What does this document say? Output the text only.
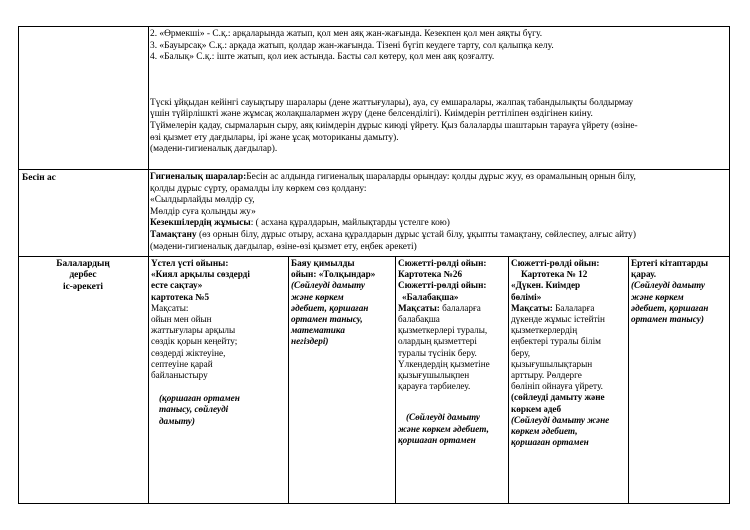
2. «Өрмекші» - С.қ.: арқаларында жатып, қол мен аяқ жан-жағында. Кезекпен қол мен аяқты бүгу.

3. «Бауырсақ» С.қ.: арқада жатып, қолдар жан-жағында. Тізені бүгіп кеудеге тарту, сол қалыпқа келу.

4. «Балық» С.қ.: іште жатып, қол иек астында. Басты сәл көтеру, қол мен аяқ қозғалту.

Түскі ұйқыдан кейінгі сауықтыру шаралары (дене жаттығулары), ауа, су емшаралары, жалпақ табандылықты болдырмау

үшін түйірлішкті және жұмсақ жолақшалармен жүру (дене белсенділігі). Киімдерін реттіліпен өздігінен киіну.

Түймелерін қадау, сырмаларын сыру, аяқ киімдерін дұрыс киюді үйрету. Қыз балаларды шаштарын тарауға үйрету (өзіне-

өзі қызмет ету дағдылары, ірі және ұсақ моториканы дамыту).

(мәдени-гигиеналық дағдылар).

Бесін ас	Гигиеналық шаралар:Бесін ас алдында гигиеналық шараларды орындау: қолды дұрыс жуу, өз орамалының орнын білу,

қолды дұрыс сүрту, орамалды ілу көркем сөз қолдану:

«Сылдырлайды мөлдір су,

Мөлдір суға қолыңды жу»

Кезекшілердің жұмысы: ( асхана құралдарын, майлықтарды үстелге кою)

Тамақтану (өз орнын білу, дұрыс отыру, асхана құралдарын дұрыс ұстай білу, ұқыпты тамақтану, сөйлеспеу, алғыс айту)

(мәдени-гигиеналық дағдылар, өзіне-өзі қызмет ету, еңбек әрекеті)

Балалардың
дербес
іс-әрекеті

Үстел үсті ойыны:

«Киял арқылы сөздерді

есте сақтау»

картотека №5

Мақсаты:

ойын мен ойын

жаттығулары арқылы

сөздік қорын кеңейту;

сөздерді жіктеуіне,

септеуіне қарай

байланыстыру

(қоршаған ортамен

танысу, сөйлеуді

дамыту)

Баяу қимылды

ойын: «Толқындар»

(Сөйлеуді дамыту

және көркем

әдебиет, қоршаған

ортамен танысу,

математика

негіздері)

Сюжетті-рөлді ойын:

Картотека №26

Сюжетті-рөлді ойын:

«Балабақша»

Мақсаты: балаларға

балабақша

қызметкерлері туралы,

олардың қызметтері

туралы түсінік беру.

Үлкендердің қызметіне

қызығушылықпен

қарауға тәрбиелеу.

(Сөйлеуді дамыту

және көркем әдебиет,

қоршаған ортамен

Сюжетті-рөлді ойын:

Картотека № 12

«Дүкен. Киімдер

бөлімі»

Мақсаты: Балаларға

дүкенде жұмыс істейтін

қызметкерлердің

еңбектері туралы білім

беру,

қызығушылықтарын

арттыру. Рөлдерге

бөлініп ойнауға үйрету.

(сөйлеуді дамыту және

көркем әдеб

(Сөйлеуді дамыту және

көркем әдебиет,

қоршаған ортамен

Ертегі кітаптарды

қарау.

(Сөйлеуді дамыту

және көркем

әдебиет, қоршаған

ортамен танысу)
